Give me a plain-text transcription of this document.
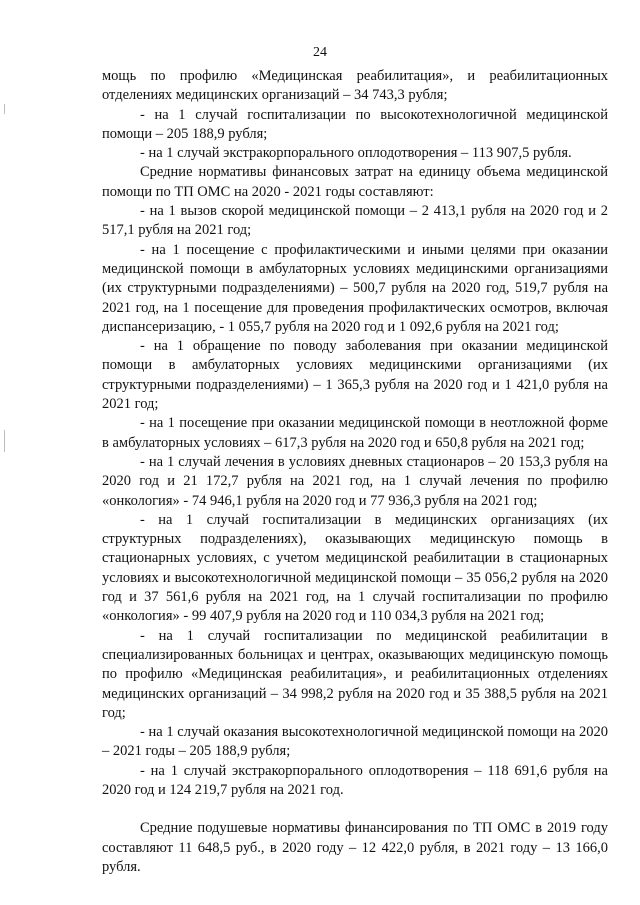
24

мощь по профилю «Медицинская реабилитация», и реабилитационных отделениях медицинских организаций – 34 743,3 рубля;

- на 1 случай госпитализации по высокотехнологичной медицинской помощи – 205 188,9 рубля;

- на 1 случай экстракорпорального оплодотворения – 113 907,5 рубля.

Средние нормативы финансовых затрат на единицу объема медицинской помощи по ТП ОМС на 2020 - 2021 годы составляют:

- на 1 вызов скорой медицинской помощи – 2 413,1 рубля на 2020 год и 2 517,1 рубля на 2021 год;

- на 1 посещение с профилактическими и иными целями при оказании медицинской помощи в амбулаторных условиях медицинскими организациями (их структурными подразделениями) – 500,7 рубля на 2020 год, 519,7 рубля на 2021 год, на 1 посещение для проведения профилактических осмотров, включая диспансеризацию, - 1 055,7 рубля на 2020 год и 1 092,6 рубля на 2021 год;

- на 1 обращение по поводу заболевания при оказании медицинской помощи в амбулаторных условиях медицинскими организациями (их структурными подразделениями) – 1 365,3 рубля на 2020 год и 1 421,0 рубля на 2021 год;

- на 1 посещение при оказании медицинской помощи в неотложной форме в амбулаторных условиях – 617,3 рубля на 2020 год и 650,8 рубля на 2021 год;

- на 1 случай лечения в условиях дневных стационаров – 20 153,3 рубля на 2020 год и 21 172,7 рубля на 2021 год, на 1 случай лечения по профилю «онкология» - 74 946,1 рубля на 2020 год и 77 936,3 рубля на 2021 год;

- на 1 случай госпитализации в медицинских организациях (их структурных подразделениях), оказывающих медицинскую помощь в стационарных условиях, с учетом медицинской реабилитации в стационарных условиях и высокотехнологичной медицинской помощи – 35 056,2 рубля на 2020 год и 37 561,6 рубля на 2021 год, на 1 случай госпитализации по профилю «онкология» - 99 407,9 рубля на 2020 год и 110 034,3 рубля на 2021 год;

- на 1 случай госпитализации по медицинской реабилитации в специализированных больницах и центрах, оказывающих медицинскую помощь по профилю «Медицинская реабилитация», и реабилитационных отделениях медицинских организаций – 34 998,2 рубля на 2020 год и 35 388,5 рубля на 2021 год;

- на 1 случай оказания высокотехнологичной медицинской помощи на 2020 – 2021 годы – 205 188,9 рубля;

- на 1 случай экстракорпорального оплодотворения – 118 691,6 рубля на 2020 год и 124 219,7 рубля на 2021 год.

Средние подушевые нормативы финансирования по ТП ОМС в 2019 году составляют 11 648,5 руб., в 2020 году – 12 422,0 рубля, в 2021 году – 13 166,0 рубля.
